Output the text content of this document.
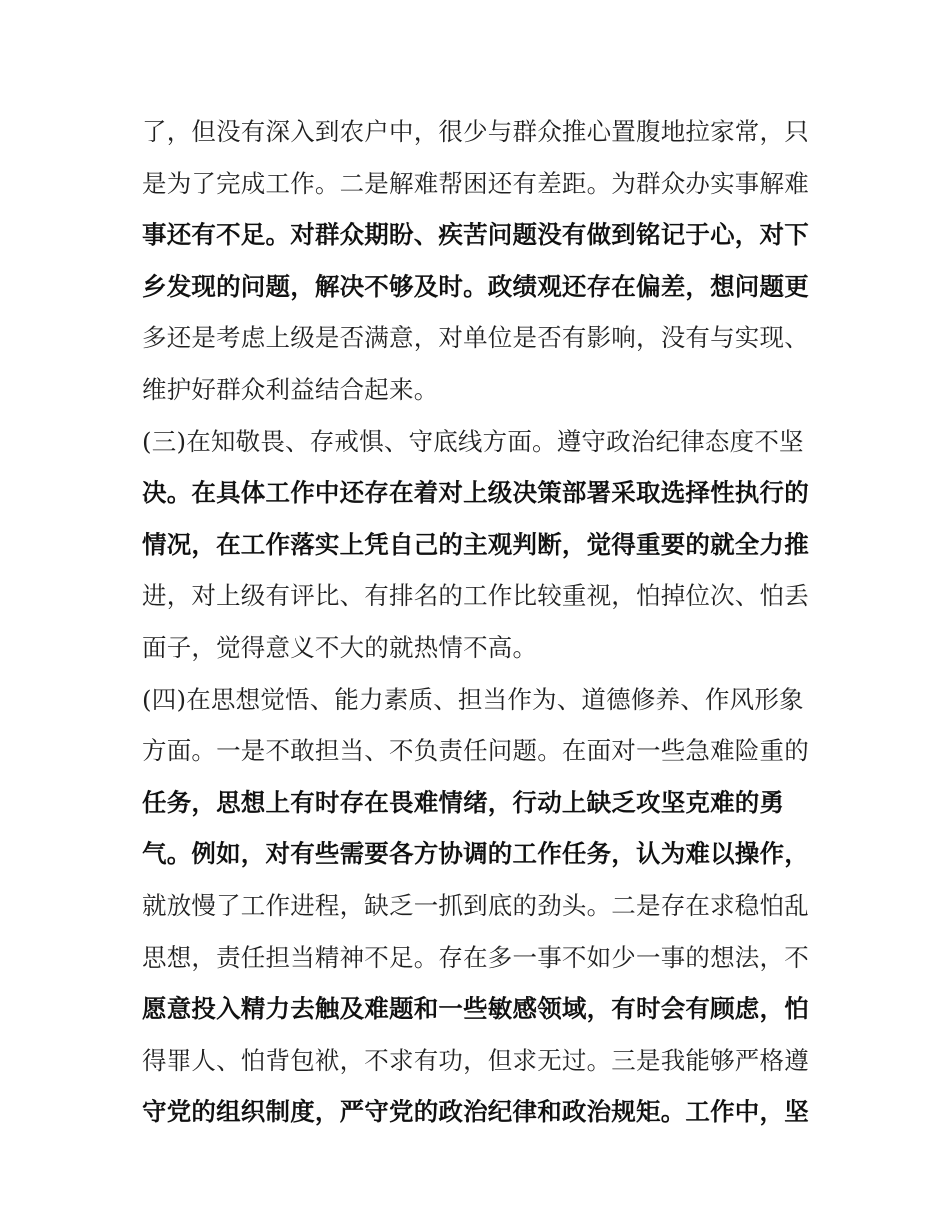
了，但没有深入到农户中，很少与群众推心置腹地拉家常，只
是为了完成工作。二是解难帮困还有差距。为群众办实事解难
事还有不足。对群众期盼、疾苦问题没有做到铭记于心，对下
乡发现的问题，解决不够及时。政绩观还存在偏差，想问题更
多还是考虑上级是否满意，对单位是否有影响，没有与实现、
维护好群众利益结合起来。
(三)在知敬畏、存戒惧、守底线方面。遵守政治纪律态度不坚
决。在具体工作中还存在着对上级决策部署采取选择性执行的
情况，在工作落实上凭自己的主观判断，觉得重要的就全力推
进，对上级有评比、有排名的工作比较重视，怕掉位次、怕丢
面子，觉得意义不大的就热情不高。
(四)在思想觉悟、能力素质、担当作为、道德修养、作风形象
方面。一是不敢担当、不负责任问题。在面对一些急难险重的
任务，思想上有时存在畏难情绪，行动上缺乏攻坚克难的勇
气。例如，对有些需要各方协调的工作任务，认为难以操作，
就放慢了工作进程，缺乏一抓到底的劲头。二是存在求稳怕乱
思想，责任担当精神不足。存在多一事不如少一事的想法，不
愿意投入精力去触及难题和一些敏感领域，有时会有顾虑，怕
得罪人、怕背包袱，不求有功，但求无过。三是我能够严格遵
守党的组织制度，严守党的政治纪律和政治规矩。工作中，坚
